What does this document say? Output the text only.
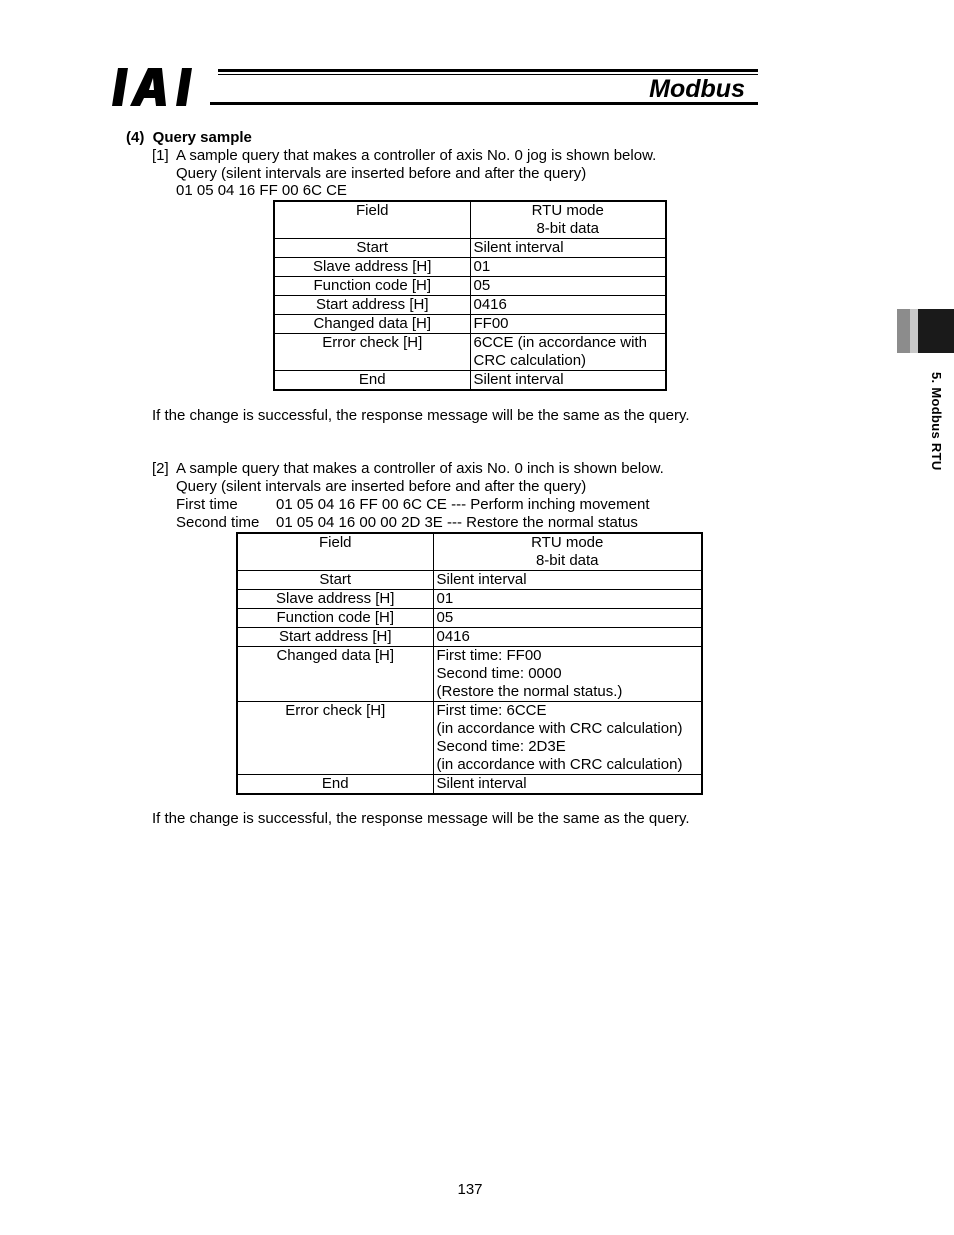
Modbus
5. Modbus RTU
(4)  Query sample
[1] A sample query that makes a controller of axis No. 0 jog is shown below.
Query (silent intervals are inserted before and after the query)
01 05 04 16 FF 00 6C CE
Field	RTU mode
8-bit data

Start	Silent interval
Slave address [H]	01
Function code [H]	05
Start address [H]	0416
Changed data [H]	FF00
Error check [H]	6CCE (in accordance with
CRC calculation)

End	Silent interval
If the change is successful, the response message will be the same as the query.
[2] A sample query that makes a controller of axis No. 0 inch is shown below.
Query (silent intervals are inserted before and after the query)
First time	01 05 04 16 FF 00 6C CE --- Perform inching movement
Second time 01 05 04 16 00 00 2D 3E --- Restore the normal status
Field	RTU mode
8-bit data

Start	Silent interval
Slave address [H]	01
Function code [H]	05
Start address [H]	0416
Changed data [H]	First time: FF00
Second time: 0000
(Restore the normal status.)

Error check [H]	First time: 6CCE
(in accordance with CRC calculation)
Second time: 2D3E
(in accordance with CRC calculation)

End	Silent interval
If the change is successful, the response message will be the same as the query.
137
